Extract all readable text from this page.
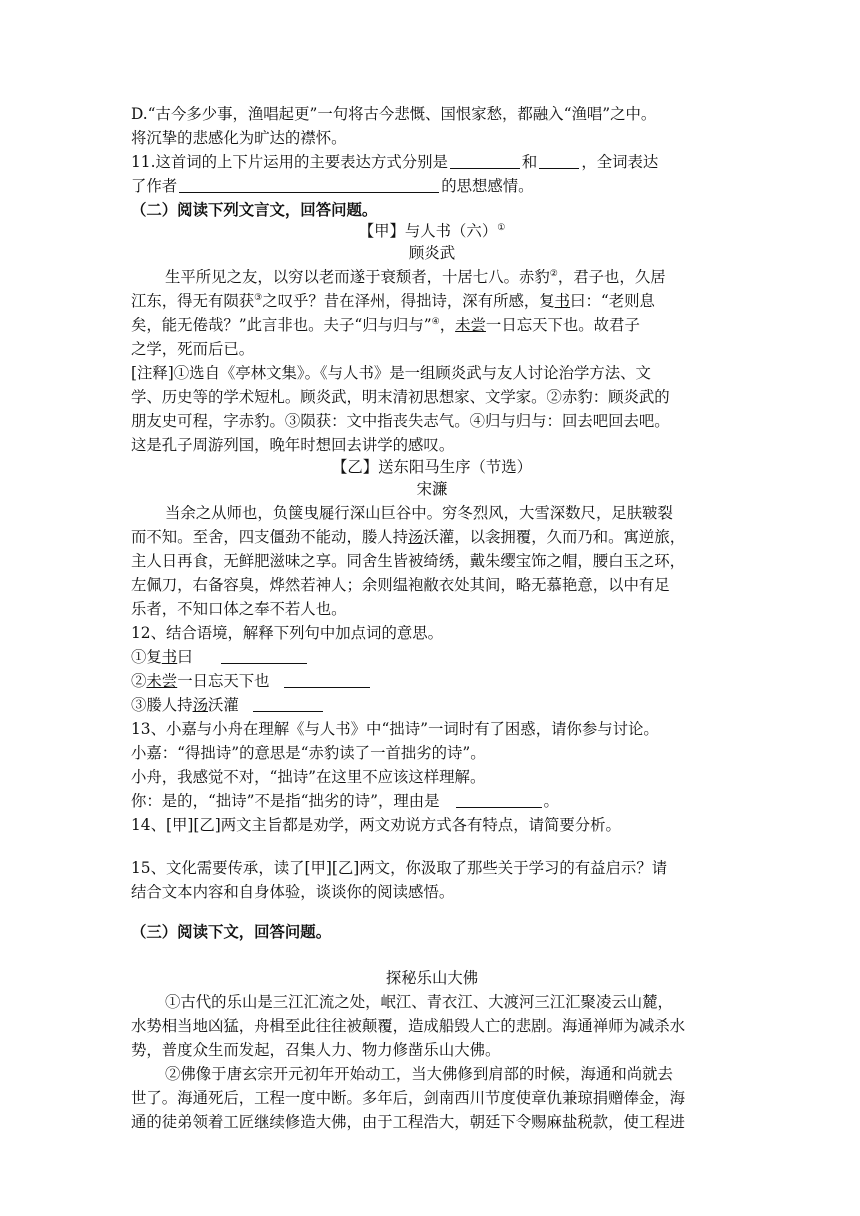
D.“古今多少事，渔唱起更”一句将古今悲慨、国恨家愁，都融入“渔唱”之中。
将沉挚的悲感化为旷达的襟怀。
11.这首词的上下片运用的主要表达方式分别是	和	，全词表达
了作者	的思想感情。
（二）阅读下列文言文，回答问题。
【甲】与人书（六）①
顾炎武
生平所见之友，以穷以老而遂于衰颓者，十居七八。赤豹②，君子也，久居
江东，得无有陨获③之叹乎？昔在泽州，得拙诗，深有所感，复书曰：“老则息
矣，能无倦哉？”此言非也。夫子“归与归与”④，未尝一日忘天下也。故君子
之学，死而后已。
[注释]①选自《亭林文集》。《与人书》是一组顾炎武与友人讨论治学方法、文
学、历史等的学术短札。顾炎武，明末清初思想家、文学家。②赤豹：顾炎武的
朋友史可程，字赤豹。③陨获：文中指丧失志气。④归与归与：回去吧回去吧。
这是孔子周游列国，晚年时想回去讲学的感叹。
【乙】送东阳马生序（节选）
宋濂
当余之从师也，负箧曳屣行深山巨谷中。穷冬烈风，大雪深数尺，足肤皲裂
而不知。至舍，四支僵劲不能动，媵人持汤沃灌，以衾拥覆，久而乃和。寓逆旅，
主人日再食，无鲜肥滋味之享。同舍生皆被绮绣，戴朱缨宝饰之帽，腰白玉之环，
左佩刀，右备容臭，烨然若神人；余则缊袍敝衣处其间，略无慕艳意，以中有足
乐者，不知口体之奉不若人也。
12、结合语境，解释下列句中加点词的意思。
①复书曰
②未尝一日忘天下也
③媵人持汤沃灌
13、小嘉与小舟在理解《与人书》中“拙诗”一词时有了困惑，请你参与讨论。
小嘉：“得拙诗”的意思是“赤豹读了一首拙劣的诗”。
小舟，我感觉不对，“拙诗”在这里不应该这样理解。
你：是的，“拙诗”不是指“拙劣的诗”，理由是	。
14、[甲][乙]两文主旨都是劝学，两文劝说方式各有特点，请简要分析。
15、文化需要传承，读了[甲][乙]两文，你汲取了那些关于学习的有益启示？请
结合文本内容和自身体验，谈谈你的阅读感悟。
（三）阅读下文，回答问题。
探秘乐山大佛
①古代的乐山是三江汇流之处，岷江、青衣江、大渡河三江汇聚凌云山麓，
水势相当地凶猛，舟楫至此往往被颠覆，造成船毁人亡的悲剧。海通禅师为减杀水
势，普度众生而发起，召集人力、物力修凿乐山大佛。
②佛像于唐玄宗开元初年开始动工，当大佛修到肩部的时候，海通和尚就去
世了。海通死后，工程一度中断。多年后，剑南西川节度使章仇兼琼捐赠俸金，海
通的徒弟领着工匠继续修造大佛，由于工程浩大，朝廷下令赐麻盐税款，使工程进
